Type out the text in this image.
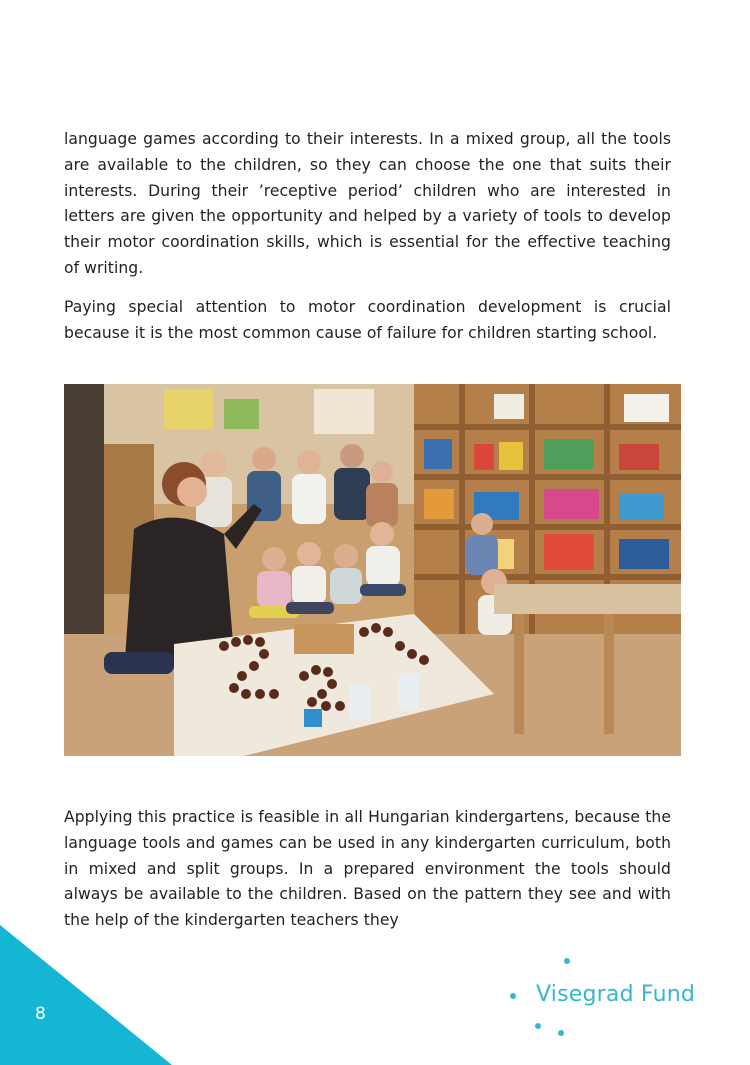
language games according to their interests. In a mixed group, all the tools are available to the children, so they can choose the one that suits their interests. During their ’receptive period’ children who are interested in letters are given the opportunity and helped by a variety of tools to develop their motor coordination skills, which is essential for the effective teaching of writing.

Paying special attention to motor coordination development is crucial because it is the most common cause of failure for children starting school.

Applying this practice is feasible in all Hungarian kindergartens, because the language tools and games can be used in any kindergarten curriculum, both in mixed and split groups. In a prepared environment the tools should always be available to the children. Based on the pattern they see and with the help of the kindergarten teachers they

8
Visegrad Fund
